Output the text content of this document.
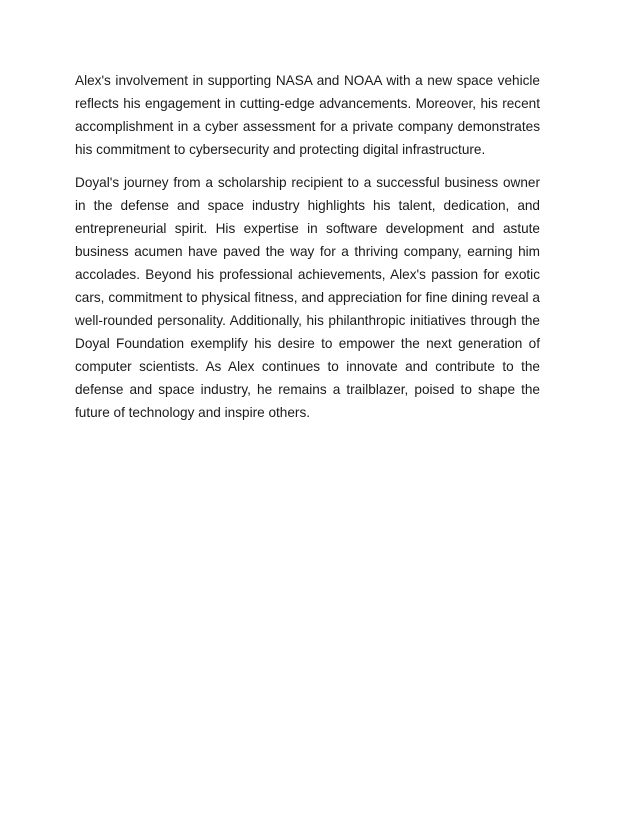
Alex's involvement in supporting NASA and NOAA with a new space vehicle reflects his engagement in cutting-edge advancements. Moreover, his recent accomplishment in a cyber assessment for a private company demonstrates his commitment to cybersecurity and protecting digital infrastructure.

Doyal's journey from a scholarship recipient to a successful business owner in the defense and space industry highlights his talent, dedication, and entrepreneurial spirit. His expertise in software development and astute business acumen have paved the way for a thriving company, earning him accolades. Beyond his professional achievements, Alex's passion for exotic cars, commitment to physical fitness, and appreciation for fine dining reveal a well-rounded personality. Additionally, his philanthropic initiatives through the Doyal Foundation exemplify his desire to empower the next generation of computer scientists. As Alex continues to innovate and contribute to the defense and space industry, he remains a trailblazer, poised to shape the future of technology and inspire others.
